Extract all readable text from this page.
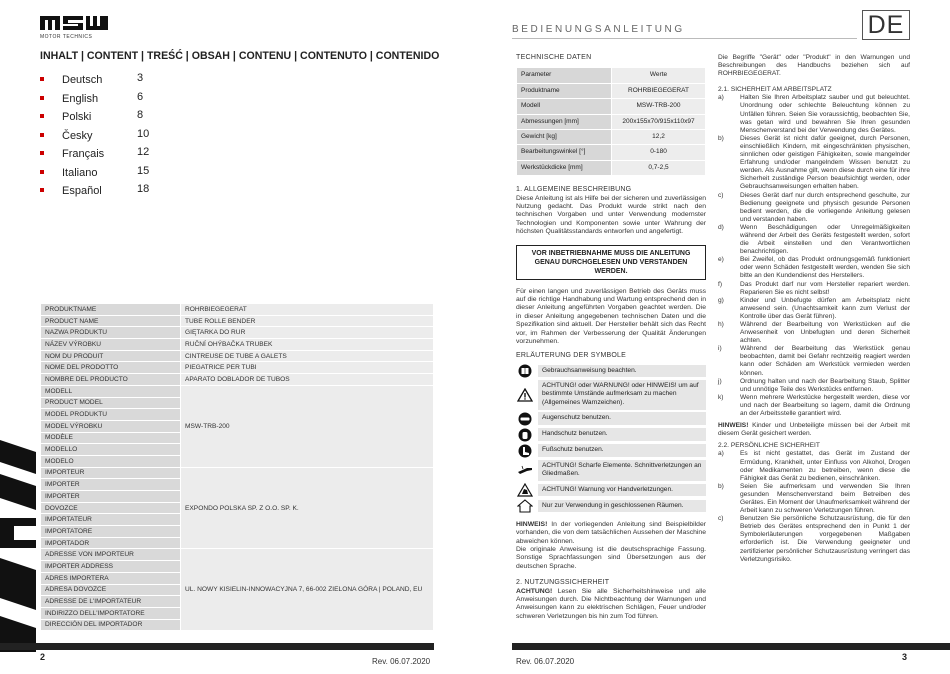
MOTOR TECHNICS
BEDIENUNGSANLEITUNG	DE
INHALT | CONTENT | TREŚĆ | OBSAH | CONTENU | CONTENUTO | CONTENIDO
Deutsch	3
English	6
Polski	8
Česky	10
Français	12
Italiano	15
Español	18
PRODUKTNAME	ROHRBIEGEGERAT
PRODUCT NAME	TUBE ROLLE BENDER
NAZWA PRODUKTU	GIĘTARKA DO RUR
NÁZEV VÝROBKU	RUČNÍ OHÝBAČKA TRUBEK
NOM DU PRODUIT	CINTREUSE DE TUBE A GALETS
NOME DEL PRODOTTO	PIEGATRICE PER TUBI
NOMBRE DEL PRODUCTO	APARATO DOBLADOR DE TUBOS
MODELL	MSW-TRB-200
PRODUCT MODEL	
MODEL PRODUKTU	
MODEL VÝROBKU	
MODÈLE	
MODELLO	
MODELO	
IMPORTEUR	EXPONDO POLSKA SP. Z O.O. SP. K.
IMPORTER	
IMPORTER	
DOVOZCE	
IMPORTATEUR	
IMPORTATORE	
IMPORTADOR	
ADRESSE VON IMPORTEUR	UL. NOWY KISIELIN-INNOWACYJNA 7, 66-002 ZIELONA GÓRA | POLAND, EU
IMPORTER ADDRESS	
ADRES IMPORTERA	
ADRESA DOVOZCE	
ADRESSE DE L'IMPORTATEUR	
INDIRIZZO DELL'IMPORTATORE	
DIRECCIÓN DEL IMPORTADOR	
2	3
Rev. 06.07.2020	Rev. 06.07.2020
TECHNISCHE DATEN
Parameter	Werte
Produktname	ROHRBIEGEGERAT
Modell	MSW-TRB-200
Abmessungen [mm]	200x155x70/915x110x97
Gewicht [kg]	12,2
Bearbeitungswinkel [°]	0-180
Werkstückdicke [mm]	0,7-2,5
1. ALLGEMEINE BESCHREIBUNG
Diese Anleitung ist als Hilfe bei der sicheren und zuverlässigen Nutzung gedacht. Das Produkt wurde strikt nach den technischen Vorgaben und unter Verwendung modernster Technologien und Komponenten sowie unter Wahrung der höchsten Qualitätsstandards entworfen und angefertigt.
VOR INBETRIEBNAHME MUSS DIE ANLEITUNG GENAU DURCHGELESEN UND VERSTANDEN WERDEN.
Für einen langen und zuverlässigen Betrieb des Geräts muss auf die richtige Handhabung und Wartung entsprechend den in dieser Anleitung angeführten Vorgaben geachtet werden. Die in dieser Anleitung angegebenen technischen Daten und die Spezifikation sind aktuell. Der Hersteller behält sich das Recht vor, im Rahmen der Verbesserung der Qualität Änderungen vorzunehmen.
ERLÄUTERUNG DER SYMBOLE
Gebrauchsanweisung beachten.
ACHTUNG! oder WARNUNG! oder HINWEIS! um auf bestimmte Umstände aufmerksam zu machen (Allgemeines Warnzeichen).
Augenschutz benutzen.
Handschutz benutzen.
Fußschutz benutzen.
ACHTUNG! Scharfe Elemente. Schnittverletzungen an Gliedmaßen.
ACHTUNG! Warnung vor Handverletzungen.
Nur zur Verwendung in geschlossenen Räumen.
HINWEIS! In der vorliegenden Anleitung sind Beispielbilder vorhanden, die von dem tatsächlichen Aussehen der Maschine abweichen können.
Die originale Anweisung ist die deutschsprachige Fassung. Sonstige Sprachfassungen sind Übersetzungen aus der deutschen Sprache.
2. NUTZUNGSSICHERHEIT
ACHTUNG! Lesen Sie alle Sicherheitshinweise und alle Anweisungen durch. Die Nichtbeachtung der Warnungen und Anweisungen kann zu elektrischen Schlägen, Feuer und/oder schweren Verletzungen bis hin zum Tod führen.
Die Begriffe "Gerät" oder "Produkt" in den Warnungen und Beschreibungen des Handbuchs beziehen sich auf ROHRBIEGEGERAT.
2.1. SICHERHEIT AM ARBEITSPLATZ
a)	Halten Sie Ihren Arbeitsplatz sauber und gut beleuchtet. Unordnung oder schlechte Beleuchtung können zu Unfällen führen. Seien Sie voraussichtig, beobachten Sie, was getan wird und bewahren Sie Ihren gesunden Menschenverstand bei der Verwendung des Gerätes.
b)	Dieses Gerät ist nicht dafür geeignet, durch Personen, einschließlich Kindern, mit eingeschränkten physischen, sinnlichen oder geistigen Fähigkeiten, sowie mangelnder Erfahrung und/oder mangelndem Wissen benutzt zu werden. Als Ausnahme gilt, wenn diese durch eine für ihre Sicherheit zuständige Person beaufsichtigt werden, oder Gebrauchsanweisungen erhalten haben.
c)	Dieses Gerät darf nur durch entsprechend geschulte, zur Bedienung geeignete und physisch gesunde Personen bedient werden, die die vorliegende Anleitung gelesen und verstanden haben.
d)	Wenn Beschädigungen oder Unregelmäßigkeiten während der Arbeit des Geräts festgestellt werden, sofort die Arbeit einstellen und den Verantwortlichen benachrichtigen.
e)	Bei Zweifel, ob das Produkt ordnungsgemäß funktioniert oder wenn Schäden festgestellt werden, wenden Sie sich bitte an den Kundendienst des Herstellers.
f)	Das Produkt darf nur vom Hersteller repariert werden. Reparieren Sie es nicht selbst!
g)	Kinder und Unbefugte dürfen am Arbeitsplatz nicht anwesend sein. (Unachtsamkeit kann zum Verlust der Kontrolle über das Gerät führen).
h)	Während der Bearbeitung von Werkstücken auf die Anwesenheit von Unbefugten und deren Sicherheit achten.
i)	Während der Bearbeitung das Werkstück genau beobachten, damit bei Gefahr rechtzeitig reagiert werden kann oder Schäden am Werkstück vermieden werden können.
j)	Ordnung halten und nach der Bearbeitung Staub, Splitter und unnötige Teile des Werkstücks entfernen.
k)	Wenn mehrere Werkstücke hergestellt werden, diese vor und nach der Bearbeitung so lagern, damit die Ordnung an der Arbeitsstelle garantiert wird.
HINWEIS! Kinder und Unbeteiligte müssen bei der Arbeit mit diesem Gerät gesichert werden.
2.2. PERSÖNLICHE SICHERHEIT
a)	Es ist nicht gestattet, das Gerät im Zustand der Ermüdung, Krankheit, unter Einfluss von Alkohol, Drogen oder Medikamenten zu betreiben, wenn diese die Fähigkeit das Gerät zu bedienen, einschränken.
b)	Seien Sie aufmerksam und verwenden Sie Ihren gesunden Menschenverstand beim Betreiben des Gerätes. Ein Moment der Unaufmerksamkeit während der Arbeit kann zu schweren Verletzungen führen.
c)	Benutzen Sie persönliche Schutzausrüstung, die für den Betrieb des Gerätes entsprechend den in Punkt 1 der Symbolerläuterungen vorgegebenen Maßgaben erforderlich ist. Die Verwendung geeigneter und zertifizierter persönlicher Schutzausrüstung verringert das Verletzungsrisiko.
